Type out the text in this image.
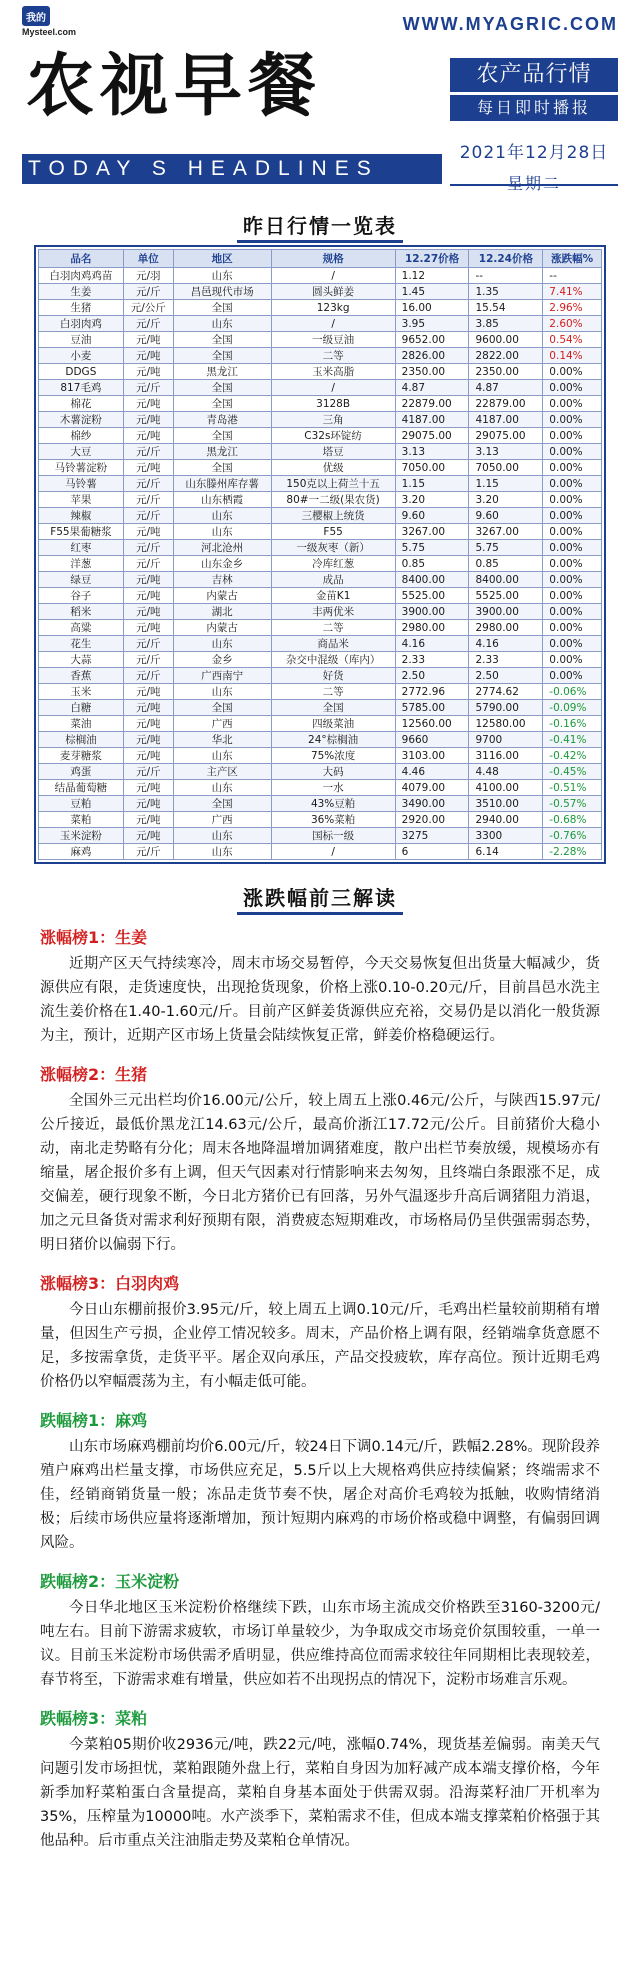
我的
Mysteel.com	WWW.MYAGRIC.COM
农视早餐	农产品行情
每日即时播报
TODAY S HEADLINES
2021年12月28日
昨日行情一览表
品名	单位	地区	规格	12.27价格	12.24价格	涨跌幅%
白羽肉鸡鸡苗	元/羽	山东	/	1.12	--	--
生姜	元/斤	昌邑现代市场	圆头鲜姜	1.45	1.35	7.41%
生猪	元/公斤	全国	123kg	16.00	15.54	2.96%
白羽肉鸡	元/斤	山东	/	3.95	3.85	2.60%
豆油	元/吨	全国	一级豆油	9652.00	9600.00	0.54%
小麦	元/吨	全国	二等	2826.00	2822.00	0.14%
DDGS	元/吨	黑龙江	玉米高脂	2350.00	2350.00	0.00%
817毛鸡	元/斤	全国	/	4.87	4.87	0.00%
棉花	元/吨	全国	3128B	22879.00	22879.00	0.00%
木薯淀粉	元/吨	青岛港	三角	4187.00	4187.00	0.00%
棉纱	元/吨	全国	C32s环锭纺	29075.00	29075.00	0.00%
大豆	元/斤	黑龙江	塔豆	3.13	3.13	0.00%
马铃薯淀粉	元/吨	全国	优级	7050.00	7050.00	0.00%
马铃薯	元/斤	山东滕州库存薯	150克以上荷兰十五	1.15	1.15	0.00%
苹果	元/斤	山东栖霞	80#一二级(果农货)	3.20	3.20	0.00%
辣椒	元/斤	山东	三樱椒上统货	9.60	9.60	0.00%
F55果葡糖浆	元/吨	山东	F55	3267.00	3267.00	0.00%
红枣	元/斤	河北沧州	一级灰枣（新）	5.75	5.75	0.00%
洋葱	元/斤	山东金乡	冷库红葱	0.85	0.85	0.00%
绿豆	元/吨	吉林	成品	8400.00	8400.00	0.00%
谷子	元/吨	内蒙古	金苗K1	5525.00	5525.00	0.00%
稻米	元/吨	湖北	丰两优米	3900.00	3900.00	0.00%
高粱	元/吨	内蒙古	二等	2980.00	2980.00	0.00%
花生	元/斤	山东	商品米	4.16	4.16	0.00%
大蒜	元/斤	金乡	杂交中混级（库内）	2.33	2.33	0.00%
香蕉	元/斤	广西南宁	好货	2.50	2.50	0.00%
玉米	元/吨	山东	二等	2772.96	2774.62	-0.06%
白糖	元/吨	全国	全国	5785.00	5790.00	-0.09%
菜油	元/吨	广西	四级菜油	12560.00	12580.00	-0.16%
棕榈油	元/吨	华北	24°棕榈油	9660	9700	-0.41%
麦芽糖浆	元/吨	山东	75%浓度	3103.00	3116.00	-0.42%
鸡蛋	元/斤	主产区	大码	4.46	4.48	-0.45%
结晶葡萄糖	元/吨	山东	一水	4079.00	4100.00	-0.51%
豆粕	元/吨	全国	43%豆粕	3490.00	3510.00	-0.57%
菜粕	元/吨	广西	36%菜粕	2920.00	2940.00	-0.68%
玉米淀粉	元/吨	山东	国标一级	3275	3300	-0.76%
麻鸡	元/斤	山东	/	6	6.14	-2.28%
涨跌幅前三解读
涨幅榜1：生姜
近期产区天气持续寒冷，周末市场交易暂停，今天交易恢复但出货量大幅减少，货源供应有限，走货速度快，出现抢货现象，价格上涨0.10-0.20元/斤，目前昌邑水洗主流生姜价格在1.40-1.60元/斤。目前产区鲜姜货源供应充裕，交易仍是以消化一般货源为主，预计，近期产区市场上货量会陆续恢复正常，鲜姜价格稳硬运行。
涨幅榜2：生猪
全国外三元出栏均价16.00元/公斤，较上周五上涨0.46元/公斤，与陕西15.97元/公斤接近，最低价黑龙江14.63元/公斤，最高价浙江17.72元/公斤。目前猪价大稳小动，南北走势略有分化；周末各地降温增加调猪难度，散户出栏节奏放缓，规模场亦有缩量，屠企报价多有上调，但天气因素对行情影响来去匆匆，且终端白条跟涨不足，成交偏差，硬行现象不断，今日北方猪价已有回落，另外气温逐步升高后调猪阻力消退，加之元旦备货对需求利好预期有限，消费疲态短期难改，市场格局仍呈供强需弱态势，明日猪价以偏弱下行。
涨幅榜3：白羽肉鸡
今日山东棚前报价3.95元/斤，较上周五上调0.10元/斤，毛鸡出栏量较前期稍有增量，但因生产亏损，企业停工情况较多。周末，产品价格上调有限，经销端拿货意愿不足，多按需拿货，走货平平。屠企双向承压，产品交投疲软，库存高位。预计近期毛鸡价格仍以窄幅震荡为主，有小幅走低可能。
跌幅榜1：麻鸡
山东市场麻鸡棚前均价6.00元/斤，较24日下调0.14元/斤，跌幅2.28%。现阶段养殖户麻鸡出栏量支撑，市场供应充足，5.5斤以上大规格鸡供应持续偏紧；终端需求不佳，经销商销货量一般；冻品走货节奏不快，屠企对高价毛鸡较为抵触，收购情绪消极；后续市场供应量将逐渐增加，预计短期内麻鸡的市场价格或稳中调整，有偏弱回调风险。
跌幅榜2：玉米淀粉
今日华北地区玉米淀粉价格继续下跌，山东市场主流成交价格跌至3160-3200元/吨左右。目前下游需求疲软，市场订单量较少，为争取成交市场竞价氛围较重，一单一议。目前玉米淀粉市场供需矛盾明显，供应维持高位而需求较往年同期相比表现较差，春节将至，下游需求难有增量，供应如若不出现拐点的情况下，淀粉市场难言乐观。
跌幅榜3：菜粕
今菜粕05期价收2936元/吨，跌22元/吨，涨幅0.74%，现货基差偏弱。南美天气问题引发市场担忧，菜粕跟随外盘上行，菜粕自身因为加籽减产成本端支撑价格，今年新季加籽菜粕蛋白含量提高，菜粕自身基本面处于供需双弱。沿海菜籽油厂开机率为35%，压榨量为10000吨。水产淡季下，菜粕需求不佳，但成本端支撑菜粕价格强于其他品种。后市重点关注油脂走势及菜粕仓单情况。
